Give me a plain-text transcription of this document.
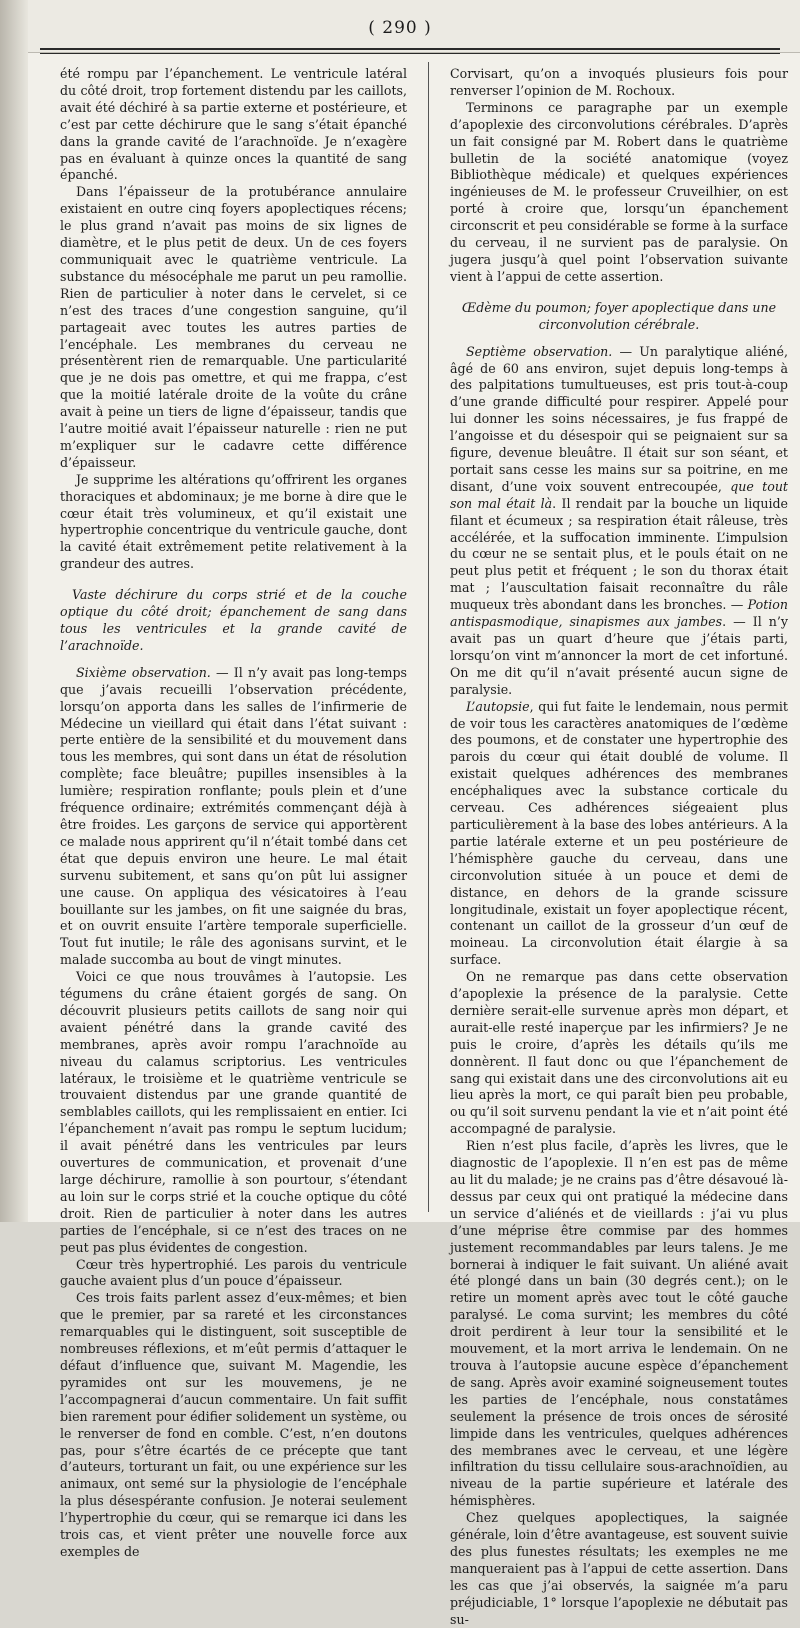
( 290 )

été rompu par l’épanchement. Le ventricule latéral du côté droit, trop fortement distendu par les caillots, avait été déchiré à sa partie externe et postérieure, et c’est par cette déchirure que le sang s’était épanché dans la grande cavité de l’arachnoïde. Je n’exagère pas en évaluant à quinze onces la quantité de sang épanché.

Dans l’épaisseur de la protubérance annulaire existaient en outre cinq foyers apoplectiques récens; le plus grand n’avait pas moins de six lignes de diamètre, et le plus petit de deux. Un de ces foyers communiquait avec le quatrième ventricule. La substance du mésocéphale me parut un peu ramollie. Rien de particulier à noter dans le cervelet, si ce n’est des traces d’une congestion sanguine, qu’il partageait avec toutes les autres parties de l’encéphale. Les membranes du cerveau ne présentèrent rien de remarquable. Une particularité que je ne dois pas omettre, et qui me frappa, c’est que la moitié latérale droite de la voûte du crâne avait à peine un tiers de ligne d’épaisseur, tandis que l’autre moitié avait l’épaisseur naturelle : rien ne put m’expliquer sur le cadavre cette différence d’épaisseur.

Je supprime les altérations qu’offrirent les organes thoraciques et abdominaux; je me borne à dire que le cœur était très volumineux, et qu’il existait une hypertrophie concentrique du ventricule gauche, dont la cavité était extrêmement petite relativement à la grandeur des autres.

Vaste déchirure du corps strié et de la couche optique du côté droit; épanchement de sang dans tous les ventricules et la grande cavité de l’arachnoïde.

Sixième observation. — Il n’y avait pas long-temps que j’avais recueilli l’observation précédente, lorsqu’on apporta dans les salles de l’infirmerie de Médecine un vieillard qui était dans l’état suivant : perte entière de la sensibilité et du mouvement dans tous les membres, qui sont dans un état de résolution complète; face bleuâtre; pupilles insensibles à la lumière; respiration ronflante; pouls plein et d’une fréquence ordinaire; extrémités commençant déjà à être froides. Les garçons de service qui apportèrent ce malade nous apprirent qu’il n’était tombé dans cet état que depuis environ une heure. Le mal était survenu subitement, et sans qu’on pût lui assigner une cause. On appliqua des vésicatoires à l’eau bouillante sur les jambes, on fit une saignée du bras, et on ouvrit ensuite l’artère temporale superficielle. Tout fut inutile; le râle des agonisans survint, et le malade succomba au bout de vingt minutes.

Voici ce que nous trouvâmes à l’autopsie. Les tégumens du crâne étaient gorgés de sang. On découvrit plusieurs petits caillots de sang noir qui avaient pénétré dans la grande cavité des membranes, après avoir rompu l’arachnoïde au niveau du calamus scriptorius. Les ventricules latéraux, le troisième et le quatrième ventricule se trouvaient distendus par une grande quantité de semblables caillots, qui les remplissaient en entier. Ici l’épanchement n’avait pas rompu le septum lucidum; il avait pénétré dans les ventricules par leurs ouvertures de communication, et provenait d’une large déchirure, ramollie à son pourtour, s’étendant au loin sur le corps strié et la couche optique du côté droit. Rien de particulier à noter dans les autres parties de l’encéphale, si ce n’est des traces on ne peut pas plus évidentes de congestion.

Cœur très hypertrophié. Les parois du ventricule gauche avaient plus d’un pouce d’épaisseur.

Ces trois faits parlent assez d’eux-mêmes; et bien que le premier, par sa rareté et les circonstances remarquables qui le distinguent, soit susceptible de nombreuses réflexions, et m’eût permis d’attaquer le défaut d’influence que, suivant M. Magendie, les pyramides ont sur les mouvemens, je ne l’accompagnerai d’aucun commentaire. Un fait suffit bien rarement pour édifier solidement un système, ou le renverser de fond en comble. C’est, n’en doutons pas, pour s’être écartés de ce précepte que tant d’auteurs, torturant un fait, ou une expérience sur les animaux, ont semé sur la physiologie de l’encéphale la plus désespérante confusion. Je noterai seulement l’hypertrophie du cœur, qui se remarque ici dans les trois cas, et vient prêter une nouvelle force aux exemples de

Corvisart, qu’on a invoqués plusieurs fois pour renverser l’opinion de M. Rochoux.

Terminons ce paragraphe par un exemple d’apoplexie des circonvolutions cérébrales. D’après un fait consigné par M. Robert dans le quatrième bulletin de la société anatomique (voyez Bibliothèque médicale) et quelques expériences ingénieuses de M. le professeur Cruveilhier, on est porté à croire que, lorsqu’un épanchement circonscrit et peu considérable se forme à la surface du cerveau, il ne survient pas de paralysie. On jugera jusqu’à quel point l’observation suivante vient à l’appui de cette assertion.

Œdème du poumon; foyer apoplectique dans une circonvolution cérébrale.

Septième observation. — Un paralytique aliéné, âgé de 60 ans environ, sujet depuis long-temps à des palpitations tumultueuses, est pris tout-à-coup d’une grande difficulté pour respirer. Appelé pour lui donner les soins nécessaires, je fus frappé de l’angoisse et du désespoir qui se peignaient sur sa figure, devenue bleuâtre. Il était sur son séant, et portait sans cesse les mains sur sa poitrine, en me disant, d’une voix souvent entrecoupée, que tout son mal était là. Il rendait par la bouche un liquide filant et écumeux ; sa respiration était râleuse, très accélérée, et la suffocation imminente. L’impulsion du cœur ne se sentait plus, et le pouls était on ne peut plus petit et fréquent ; le son du thorax était mat ; l’auscultation faisait reconnaître du râle muqueux très abondant dans les bronches. — Potion antispasmodique, sinapismes aux jambes. — Il n’y avait pas un quart d’heure que j’étais parti, lorsqu’on vint m’annoncer la mort de cet infortuné. On me dit qu’il n’avait présenté aucun signe de paralysie.

L’autopsie, qui fut faite le lendemain, nous permit de voir tous les caractères anatomiques de l’œdème des poumons, et de constater une hypertrophie des parois du cœur qui était doublé de volume. Il existait quelques adhérences des membranes encéphaliques avec la substance corticale du cerveau. Ces adhérences siégeaient plus particulièrement à la base des lobes antérieurs. A la partie latérale externe et un peu postérieure de l’hémisphère gauche du cerveau, dans une circonvolution située à un pouce et demi de distance, en dehors de la grande scissure longitudinale, existait un foyer apoplectique récent, contenant un caillot de la grosseur d’un œuf de moineau. La circonvolution était élargie à sa surface.

On ne remarque pas dans cette observation d’apoplexie la présence de la paralysie. Cette dernière serait-elle survenue après mon départ, et aurait-elle resté inaperçue par les infirmiers? Je ne puis le croire, d’après les détails qu’ils me donnèrent. Il faut donc ou que l’épanchement de sang qui existait dans une des circonvolutions ait eu lieu après la mort, ce qui paraît bien peu probable, ou qu’il soit survenu pendant la vie et n’ait point été accompagné de paralysie.

Rien n’est plus facile, d’après les livres, que le diagnostic de l’apoplexie. Il n’en est pas de même au lit du malade; je ne crains pas d’être désavoué là-dessus par ceux qui ont pratiqué la médecine dans un service d’aliénés et de vieillards : j’ai vu plus d’une méprise être commise par des hommes justement recommandables par leurs talens. Je me bornerai à indiquer le fait suivant. Un aliéné avait été plongé dans un bain (30 degrés cent.); on le retire un moment après avec tout le côté gauche paralysé. Le coma survint; les membres du côté droit perdirent à leur tour la sensibilité et le mouvement, et la mort arriva le lendemain. On ne trouva à l’autopsie aucune espèce d’épanchement de sang. Après avoir examiné soigneusement toutes les parties de l’encéphale, nous constatâmes seulement la présence de trois onces de sérosité limpide dans les ventricules, quelques adhérences des membranes avec le cerveau, et une légère infiltration du tissu cellulaire sous-arachnoïdien, au niveau de la partie supérieure et latérale des hémisphères.

Chez quelques apoplectiques, la saignée générale, loin d’être avantageuse, est souvent suivie des plus funestes résultats; les exemples ne me manqueraient pas à l’appui de cette assertion. Dans les cas que j’ai observés, la saignée m’a paru préjudiciable, 1° lorsque l’apoplexie ne débutait pas su-
